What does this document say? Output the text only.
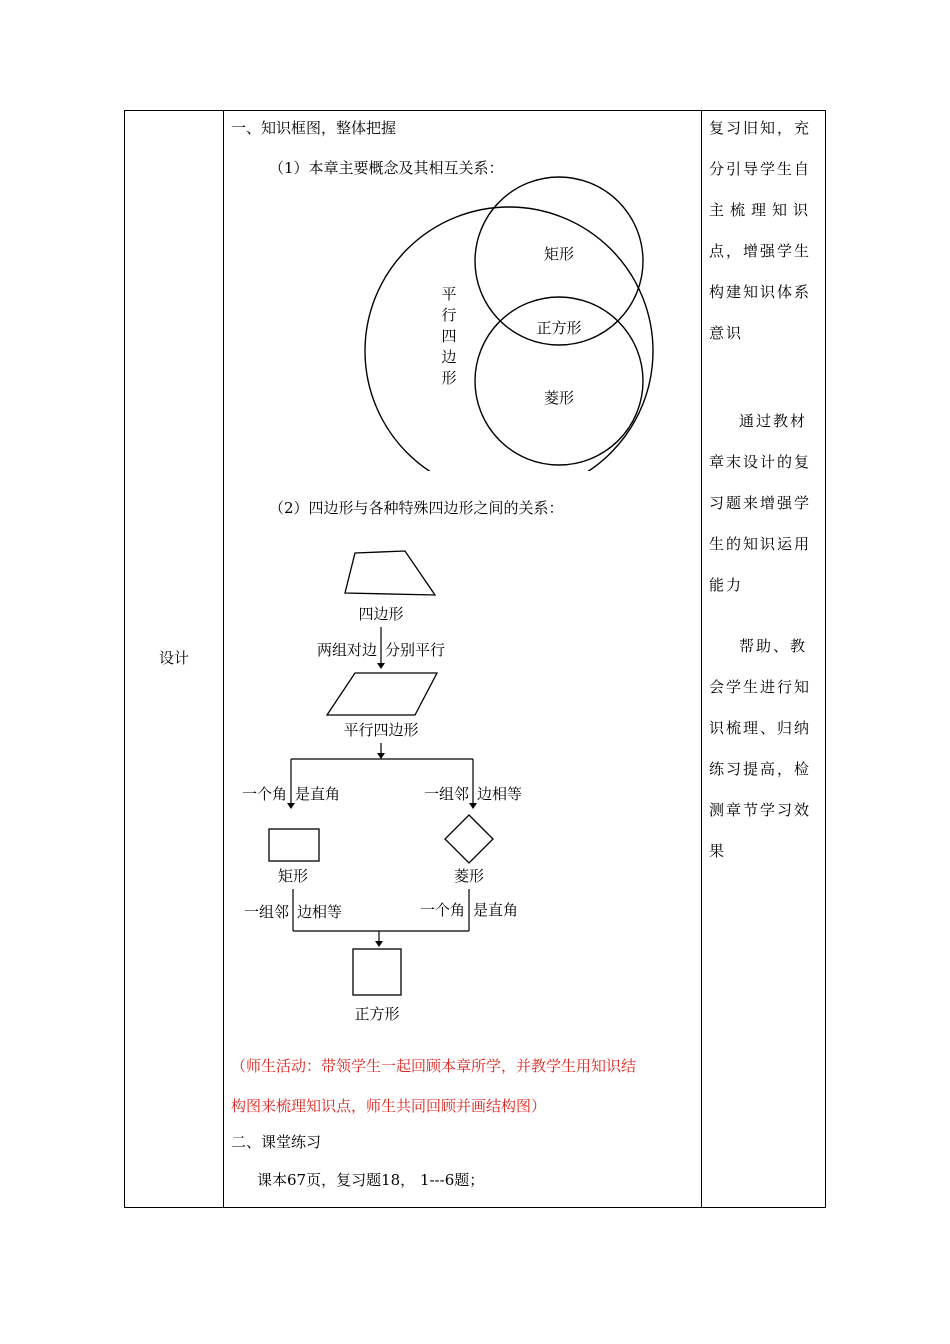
设计
一、知识框图，整体把握
（1）本章主要概念及其相互关系：
矩形
正方形
菱形
平
行
四
边
形
（2）四边形与各种特殊四边形之间的关系：
四边形
两组对边 分别平行
平行四边形
一个角 是直角	一组邻 边相等
矩形	菱形
一组邻 边相等	一个角 是直角
正方形
（师生活动：带领学生一起回顾本章所学，并教学生用知识结
构图来梳理知识点，师生共同回顾并画结构图）
二、课堂练习
课本67页，复习题18， 1---6题；
复习旧知，充
分引导学生自
主梳理知识
点，增强学生
构建知识体系
意识
通过教材
章末设计的复
习题来增强学
生的知识运用
能力
帮助、教
会学生进行知
识梳理、归纳
练习提高，检
测章节学习效
果
